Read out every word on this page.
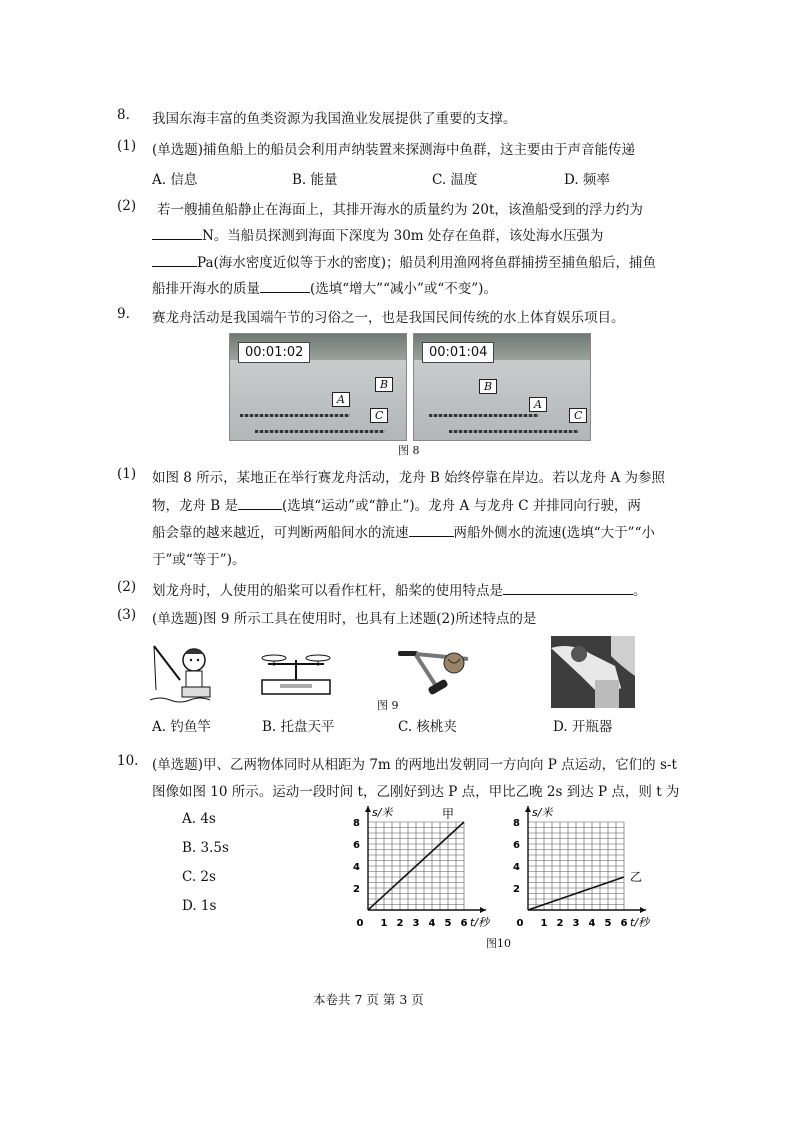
8. 我国东海丰富的鱼类资源为我国渔业发展提供了重要的支撑。
(1) (单选题)捕鱼船上的船员会利用声纳装置来探测海中鱼群，这主要由于声音能传递
A. 信息	B. 能量	C. 温度	D. 频率
(2) 若一艘捕鱼船静止在海面上，其排开海水的质量约为 20t，该渔船受到的浮力约为
N。当船员探测到海面下深度为 30m 处存在鱼群，该处海水压强为
Pa(海水密度近似等于水的密度)；船员利用渔网将鱼群捕捞至捕鱼船后，捕鱼
船排开海水的质量	(选填“增大”“减小”或“不变”)。
9. 赛龙舟活动是我国端午节的习俗之一，也是我国民间传统的水上体育娱乐项目。
00:01:02
B
A
C
00:01:04
B
A
C
图 8
(1) 如图 8 所示，某地正在举行赛龙舟活动，龙舟 B 始终停靠在岸边。若以龙舟 A 为参照
物，龙舟 B 是	(选填“运动”或“静止”)。龙舟 A 与龙舟 C 并排同向行驶，两
船会靠的越来越近，可判断两船间水的流速	两船外侧水的流速(选填“大于”“小
于”或“等于”)。
(2) 划龙舟时，人使用的船桨可以看作杠杆，船桨的使用特点是	。
(3) (单选题)图 9 所示工具在使用时，也具有上述题(2)所述特点的是
图 9
A. 钓鱼竿	B. 托盘天平	C. 核桃夹	D. 开瓶器
10. (单选题)甲、乙两物体同时从相距为 7m 的两地出发朝同一方向向 P 点运动，它们的 s-t
图像如图 10 所示。运动一段时间 t，乙刚好到达 P 点，甲比乙晚 2s 到达 P 点，则 t 为
A. 4s
B. 3.5s
C. 2s
D. 1s
0 1 2 3 4 5 6
2
4
6
8
s/米
t/秒
甲
0 1 2 3 4 5 6
2
4
6
8
s/米
t/秒
乙
图10
本卷共 7 页 第 3 页
